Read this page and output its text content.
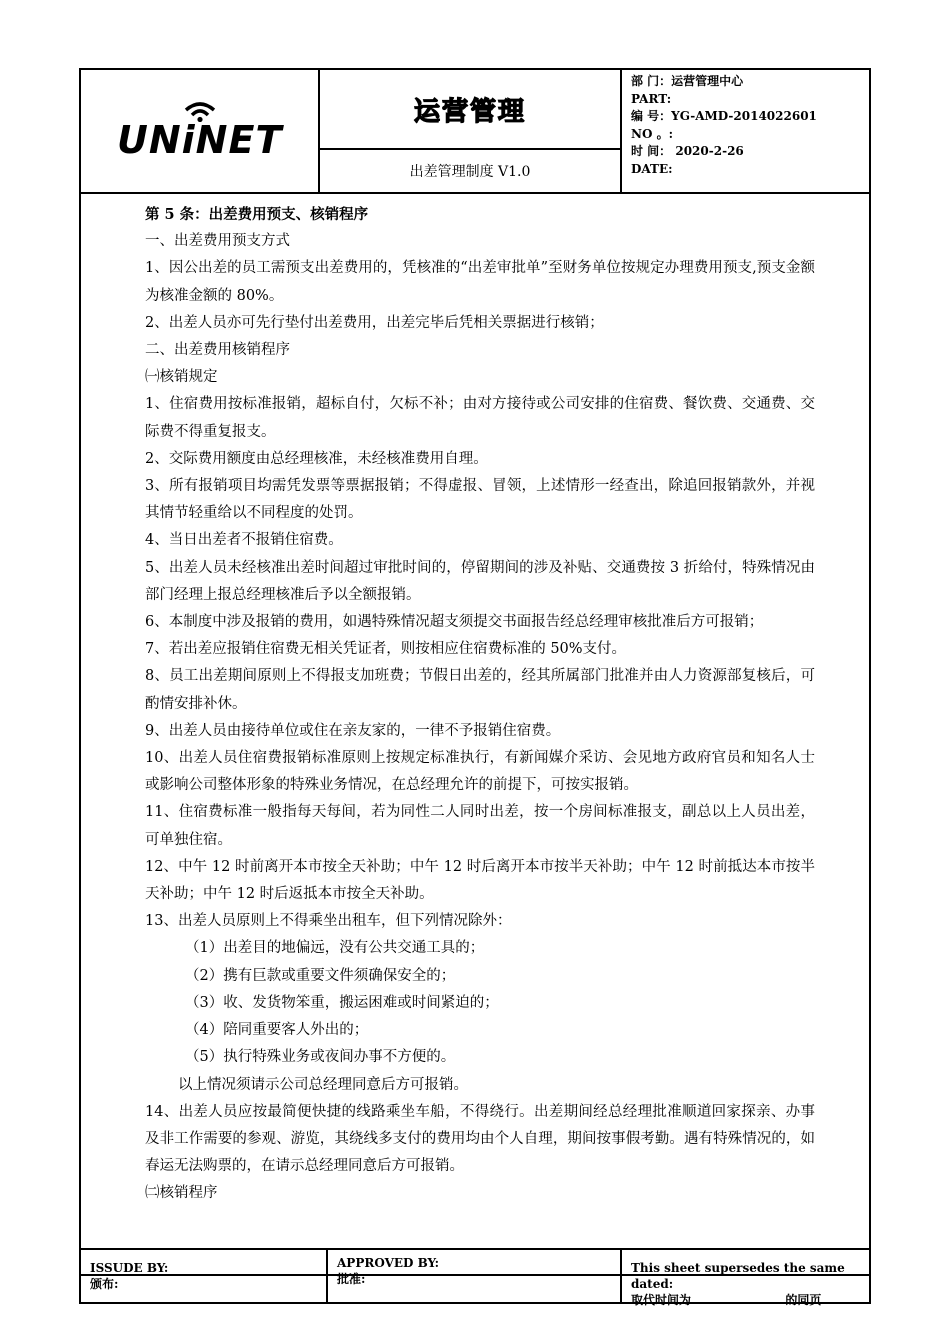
UNiNET
运营管理
出差管理制度 V1.0
部 门：运营管理中心
PART:
编 号：YG-AMD-2014022601
NO 。:
时 间： 2020-2-26
DATE:

第 5 条：出差费用预支、核销程序

一、出差费用预支方式

1、因公出差的员工需预支出差费用的，凭核准的“出差审批单”至财务单位按规定办理费用预支,预支金额为核准金额的 80%。

2、出差人员亦可先行垫付出差费用，出差完毕后凭相关票据进行核销；

二、出差费用核销程序

㈠核销规定

1、住宿费用按标准报销，超标自付，欠标不补；由对方接待或公司安排的住宿费、餐饮费、交通费、交际费不得重复报支。

2、交际费用额度由总经理核准，未经核准费用自理。

3、所有报销项目均需凭发票等票据报销；不得虚报、冒领，上述情形一经查出，除追回报销款外，并视其情节轻重给以不同程度的处罚。

4、当日出差者不报销住宿费。

5、出差人员未经核准出差时间超过审批时间的，停留期间的涉及补贴、交通费按 3 折给付，特殊情况由部门经理上报总经理核准后予以全额报销。

6、本制度中涉及报销的费用，如遇特殊情况超支须提交书面报告经总经理审核批准后方可报销；

7、若出差应报销住宿费无相关凭证者，则按相应住宿费标准的 50%支付。

8、员工出差期间原则上不得报支加班费；节假日出差的，经其所属部门批准并由人力资源部复核后，可酌情安排补休。

9、出差人员由接待单位或住在亲友家的，一律不予报销住宿费。

10、出差人员住宿费报销标准原则上按规定标准执行，有新闻媒介采访、会见地方政府官员和知名人士或影响公司整体形象的特殊业务情况，在总经理允许的前提下，可按实报销。

11、住宿费标准一般指每天每间，若为同性二人同时出差，按一个房间标准报支，副总以上人员出差，可单独住宿。

12、中午 12 时前离开本市按全天补助；中午 12 时后离开本市按半天补助；中午 12 时前抵达本市按半天补助；中午 12 时后返抵本市按全天补助。

13、出差人员原则上不得乘坐出租车，但下列情况除外：

（1）出差目的地偏远，没有公共交通工具的；

（2）携有巨款或重要文件须确保安全的；

（3）收、发货物笨重，搬运困难或时间紧迫的；

（4）陪同重要客人外出的；

（5）执行特殊业务或夜间办事不方便的。

以上情况须请示公司总经理同意后方可报销。

14、出差人员应按最简便快捷的线路乘坐车船，不得绕行。出差期间经总经理批准顺道回家探亲、办事及非工作需要的参观、游览，其绕线多支付的费用均由个人自理，期间按事假考勤。遇有特殊情况的，如春运无法购票的，在请示总经理同意后方可报销。

㈡核销程序

ISSUDE BY:
颁布:
APPROVED BY:
批准:
This sheet supersedes the same dated:
取代时间为	的同页
